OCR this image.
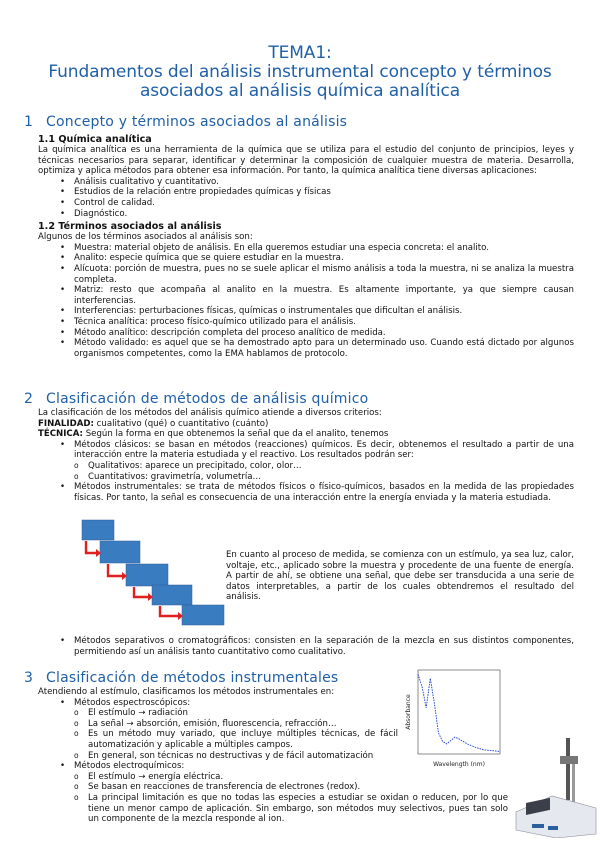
TEMA1:
Fundamentos del análisis instrumental concepto y términos
asociados al análisis química analítica
1 Concepto y términos asociados al análisis
1.1 Química analítica

La química analítica es una herramienta de la química que se utiliza para el estudio del conjunto de principios, leyes y técnicas necesarios para separar, identificar y determinar la composición de cualquier muestra de materia. Desarrolla, optimiza y aplica métodos para obtener esa información. Por tanto, la química analítica tiene diversas aplicaciones:

• Análisis cualitativo y cuantitativo.
• Estudios de la relación entre propiedades químicas y físicas
• Control de calidad.
• Diagnóstico.
1.2 Términos asociados al análisis

Algunos de los términos asociados al análisis son:

• Muestra: material objeto de análisis. En ella queremos estudiar una especia concreta: el analito.
• Analito: especie química que se quiere estudiar en la muestra.
• Alícuota: porción de muestra, pues no se suele aplicar el mismo análisis a toda la muestra, ni se analiza la muestra completa.
• Matriz: resto que acompaña al analito en la muestra. Es altamente importante, ya que siempre causan interferencias.
• Interferencias: perturbaciones físicas, químicas o instrumentales que dificultan el análisis.
• Técnica analítica: proceso físico-químico utilizado para el análisis.
• Método analítico: descripción completa del proceso analítico de medida.
• Método validado: es aquel que se ha demostrado apto para un determinado uso. Cuando está dictado por algunos organismos competentes, como la EMA hablamos de protocolo.
2 Clasificación de métodos de análisis químico

La clasificación de los métodos del análisis químico atiende a diversos criterios:

FINALIDAD: cualitativo (qué) o cuantitativo (cuánto)

TÉCNICA: Según la forma en que obtenemos la señal que da el analito, tenemos

• Métodos clásicos: se basan en métodos (reacciones) químicos. Es decir, obtenemos el resultado a partir de una interacción entre la materia estudiada y el reactivo. Los resultados podrán ser:
o Qualitativos: aparece un precipitado, color, olor…
o Cuantitativos: gravimetría, volumetría…
• Métodos instrumentales: se trata de métodos físicos o físico-químicos, basados en la medida de las propiedades físicas. Por tanto, la señal es consecuencia de una interacción entre la energía enviada y la materia estudiada.
En cuanto al proceso de medida, se comienza con un estímulo, ya sea luz, calor, voltaje, etc., aplicado sobre la muestra y procedente de una fuente de energía. A partir de ahí, se obtiene una señal, que debe ser transducida a una serie de datos interpretables, a partir de los cuales obtendremos el resultado del análisis.
• Métodos separativos o cromatográficos: consisten en la separación de la mezcla en sus distintos componentes, permitiendo así un análisis tanto cuantitativo como cualitativo.
3 Clasificación de métodos instrumentales

Atendiendo al estímulo, clasificamos los métodos instrumentales en:

• Métodos espectroscópicos:
o El estímulo → radiación
o La señal → absorción, emisión, fluorescencia, refracción…
o Es un método muy variado, que incluye múltiples técnicas, de fácil automatización y aplicable a múltiples campos.
o En general, son técnicas no destructivas y de fácil automatización
• Métodos electroquímicos:
o El estímulo → energía eléctrica.
o Se basan en reacciones de transferencia de electrones (redox).
o La principal limitación es que no todas las especies a estudiar se oxidan o reducen, por lo que tiene un menor campo de aplicación. Sin embargo, son métodos muy selectivos, pues tan solo un componente de la mezcla responde al ion.
Absorbance
Wavelength (nm)
